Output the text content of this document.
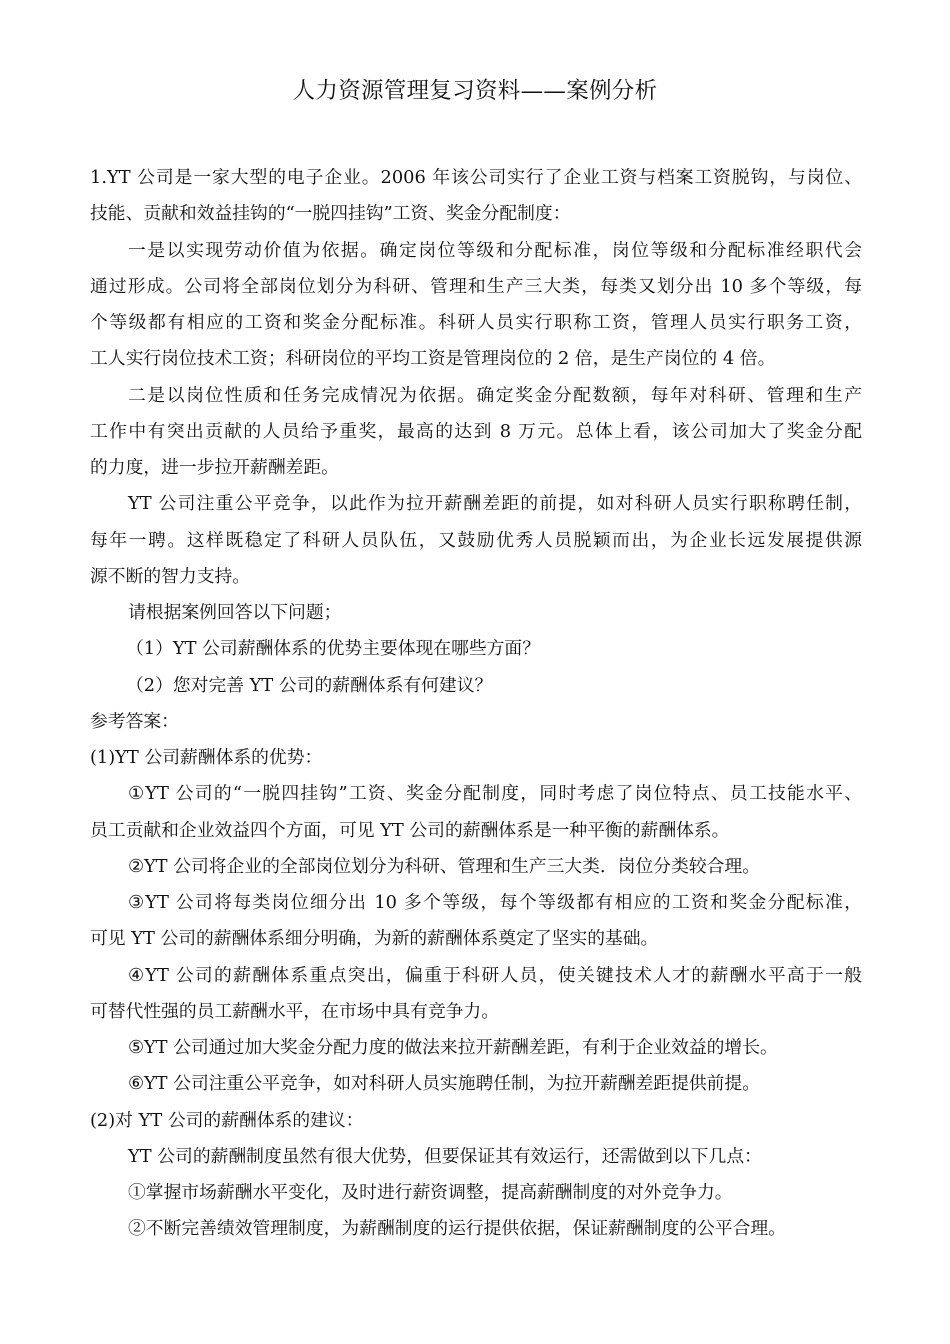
人力资源管理复习资料——案例分析
1.YT 公司是一家大型的电子企业。2006 年该公司实行了企业工资与档案工资脱钩，与岗位、
技能、贡献和效益挂钩的“一脱四挂钩”工资、奖金分配制度：
一是以实现劳动价值为依据。确定岗位等级和分配标准，岗位等级和分配标准经职代会
通过形成。公司将全部岗位划分为科研、管理和生产三大类，每类又划分出 10 多个等级，每
个等级都有相应的工资和奖金分配标准。科研人员实行职称工资，管理人员实行职务工资，
工人实行岗位技术工资；科研岗位的平均工资是管理岗位的 2 倍，是生产岗位的 4 倍。
二是以岗位性质和任务完成情况为依据。确定奖金分配数额，每年对科研、管理和生产
工作中有突出贡献的人员给予重奖，最高的达到 8 万元。总体上看，该公司加大了奖金分配
的力度，进一步拉开薪酬差距。
YT 公司注重公平竞争，以此作为拉开薪酬差距的前提，如对科研人员实行职称聘任制，
每年一聘。这样既稳定了科研人员队伍，又鼓励优秀人员脱颖而出，为企业长远发展提供源
源不断的智力支持。
请根据案例回答以下问题；
（1）YT 公司薪酬体系的优势主要体现在哪些方面？
（2）您对完善 YT 公司的薪酬体系有何建议？
参考答案：
(1)YT 公司薪酬体系的优势：
①YT 公司的“一脱四挂钩”工资、奖金分配制度，同时考虑了岗位特点、员工技能水平、
员工贡献和企业效益四个方面，可见 YT 公司的薪酬体系是一种平衡的薪酬体系。
②YT 公司将企业的全部岗位划分为科研、管理和生产三大类．岗位分类较合理。
③YT 公司将每类岗位细分出 10 多个等级，每个等级都有相应的工资和奖金分配标准，
可见 YT 公司的薪酬体系细分明确，为新的薪酬体系奠定了坚实的基础。
④YT 公司的薪酬体系重点突出，偏重于科研人员，使关键技术人才的薪酬水平高于一般
可替代性强的员工薪酬水平，在市场中具有竞争力。
⑤YT 公司通过加大奖金分配力度的做法来拉开薪酬差距，有利于企业效益的增长。
⑥YT 公司注重公平竞争，如对科研人员实施聘任制，为拉开薪酬差距提供前提。
(2)对 YT 公司的薪酬体系的建议：
YT 公司的薪酬制度虽然有很大优势，但要保证其有效运行，还需做到以下几点：
①掌握市场薪酬水平变化，及时进行薪资调整，提高薪酬制度的对外竞争力。
②不断完善绩效管理制度，为薪酬制度的运行提供依据，保证薪酬制度的公平合理。
